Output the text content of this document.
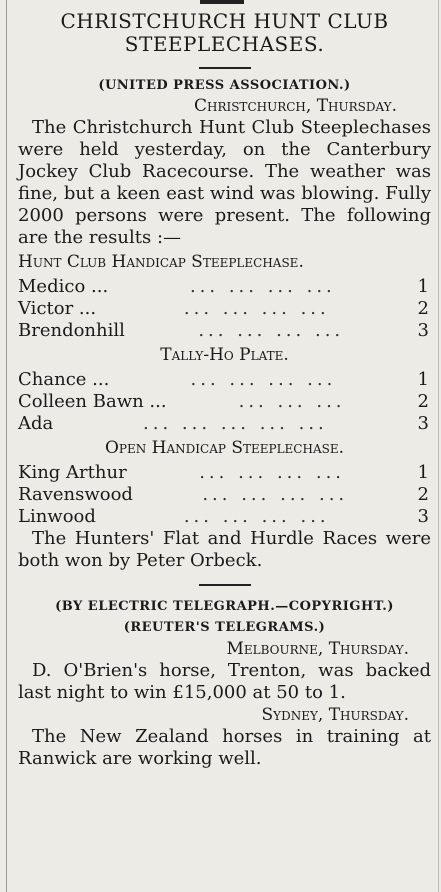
CHRISTCHURCH HUNT CLUB
STEEPLECHASES.
(UNITED PRESS ASSOCIATION.)
Christchurch, Thursday.

The Christchurch Hunt Club Steeplechases were held yesterday, on the Canterbury Jockey Club Racecourse. The weather was fine, but a keen east wind was blowing. Fully 2000 persons were present. The following are the results :—

Hunt Club Handicap Steeplechase.
Medico ...	... ... ... ...	1
Victor ...	... ... ... ...	2
Brendonhill	... ... ... ...	3
Tally-Ho Plate.
Chance ...	... ... ... ...	1
Colleen Bawn ...	... ... ...	2
Ada	... ... ... ... ...	3
Open Handicap Steeplechase.
King Arthur	... ... ... ...	1
Ravenswood	... ... ... ...	2
Linwood	... ... ... ...	3

The Hunters' Flat and Hurdle Races were both won by Peter Orbeck.

(BY ELECTRIC TELEGRAPH.—COPYRIGHT.)
(REUTER'S TELEGRAMS.)
Melbourne, Thursday.

D. O'Brien's horse, Trenton, was backed last night to win £15,000 at 50 to 1.

Sydney, Thursday.

The New Zealand horses in training at Ranwick are working well.
